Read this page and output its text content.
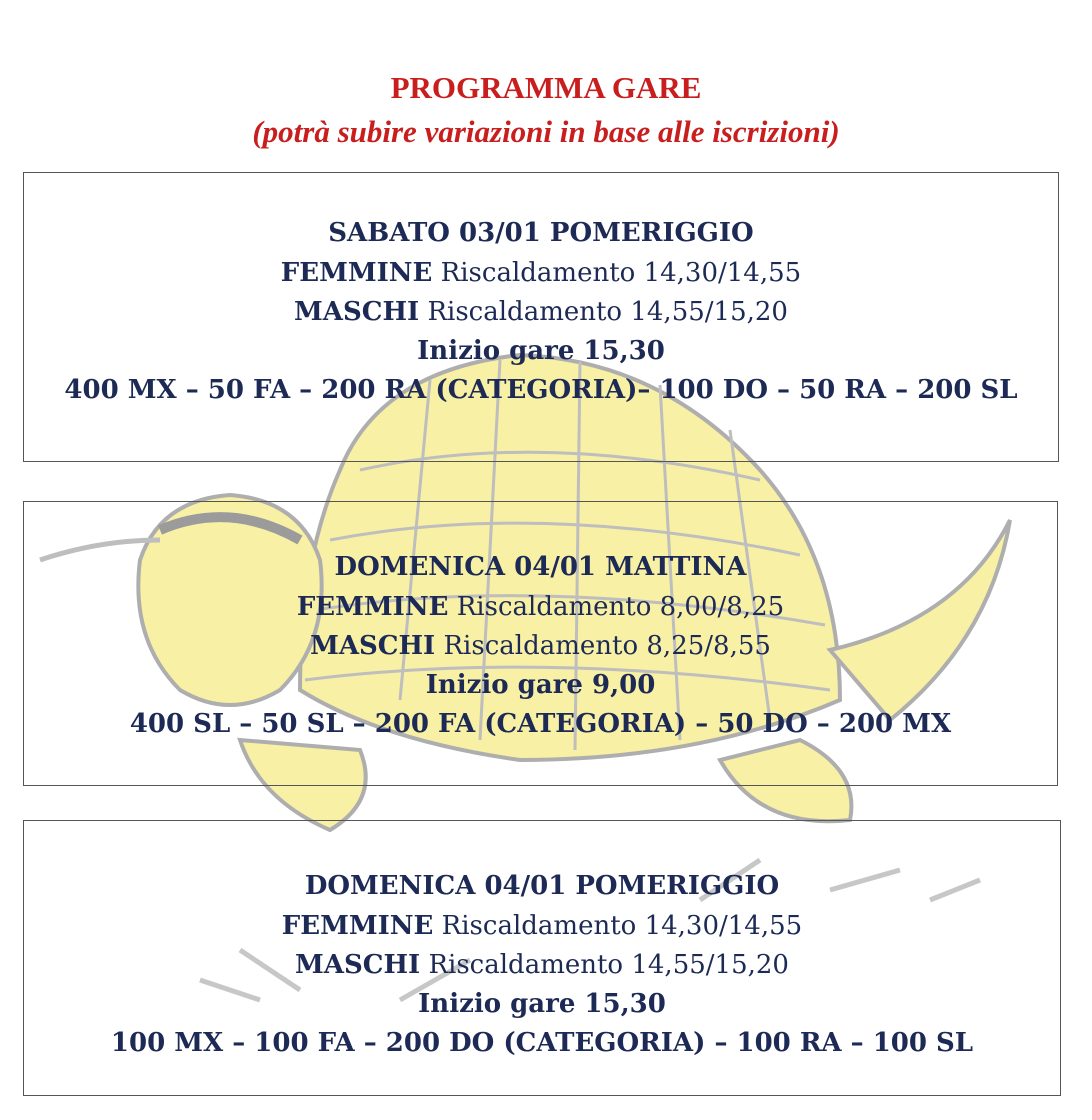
PROGRAMMA GARE
(potrà subire variazioni in base alle iscrizioni)
SABATO 03/01 POMERIGGIO
FEMMINE Riscaldamento 14,30/14,55
MASCHI Riscaldamento 14,55/15,20
Inizio gare 15,30
400 MX – 50 FA – 200 RA (CATEGORIA)– 100 DO – 50 RA – 200 SL
DOMENICA 04/01 MATTINA
FEMMINE Riscaldamento 8,00/8,25
MASCHI Riscaldamento 8,25/8,55
Inizio gare 9,00
400 SL – 50 SL – 200 FA (CATEGORIA) – 50 DO – 200 MX
DOMENICA 04/01 POMERIGGIO
FEMMINE Riscaldamento 14,30/14,55
MASCHI Riscaldamento 14,55/15,20
Inizio gare 15,30
100 MX – 100 FA – 200 DO (CATEGORIA) – 100 RA – 100 SL
